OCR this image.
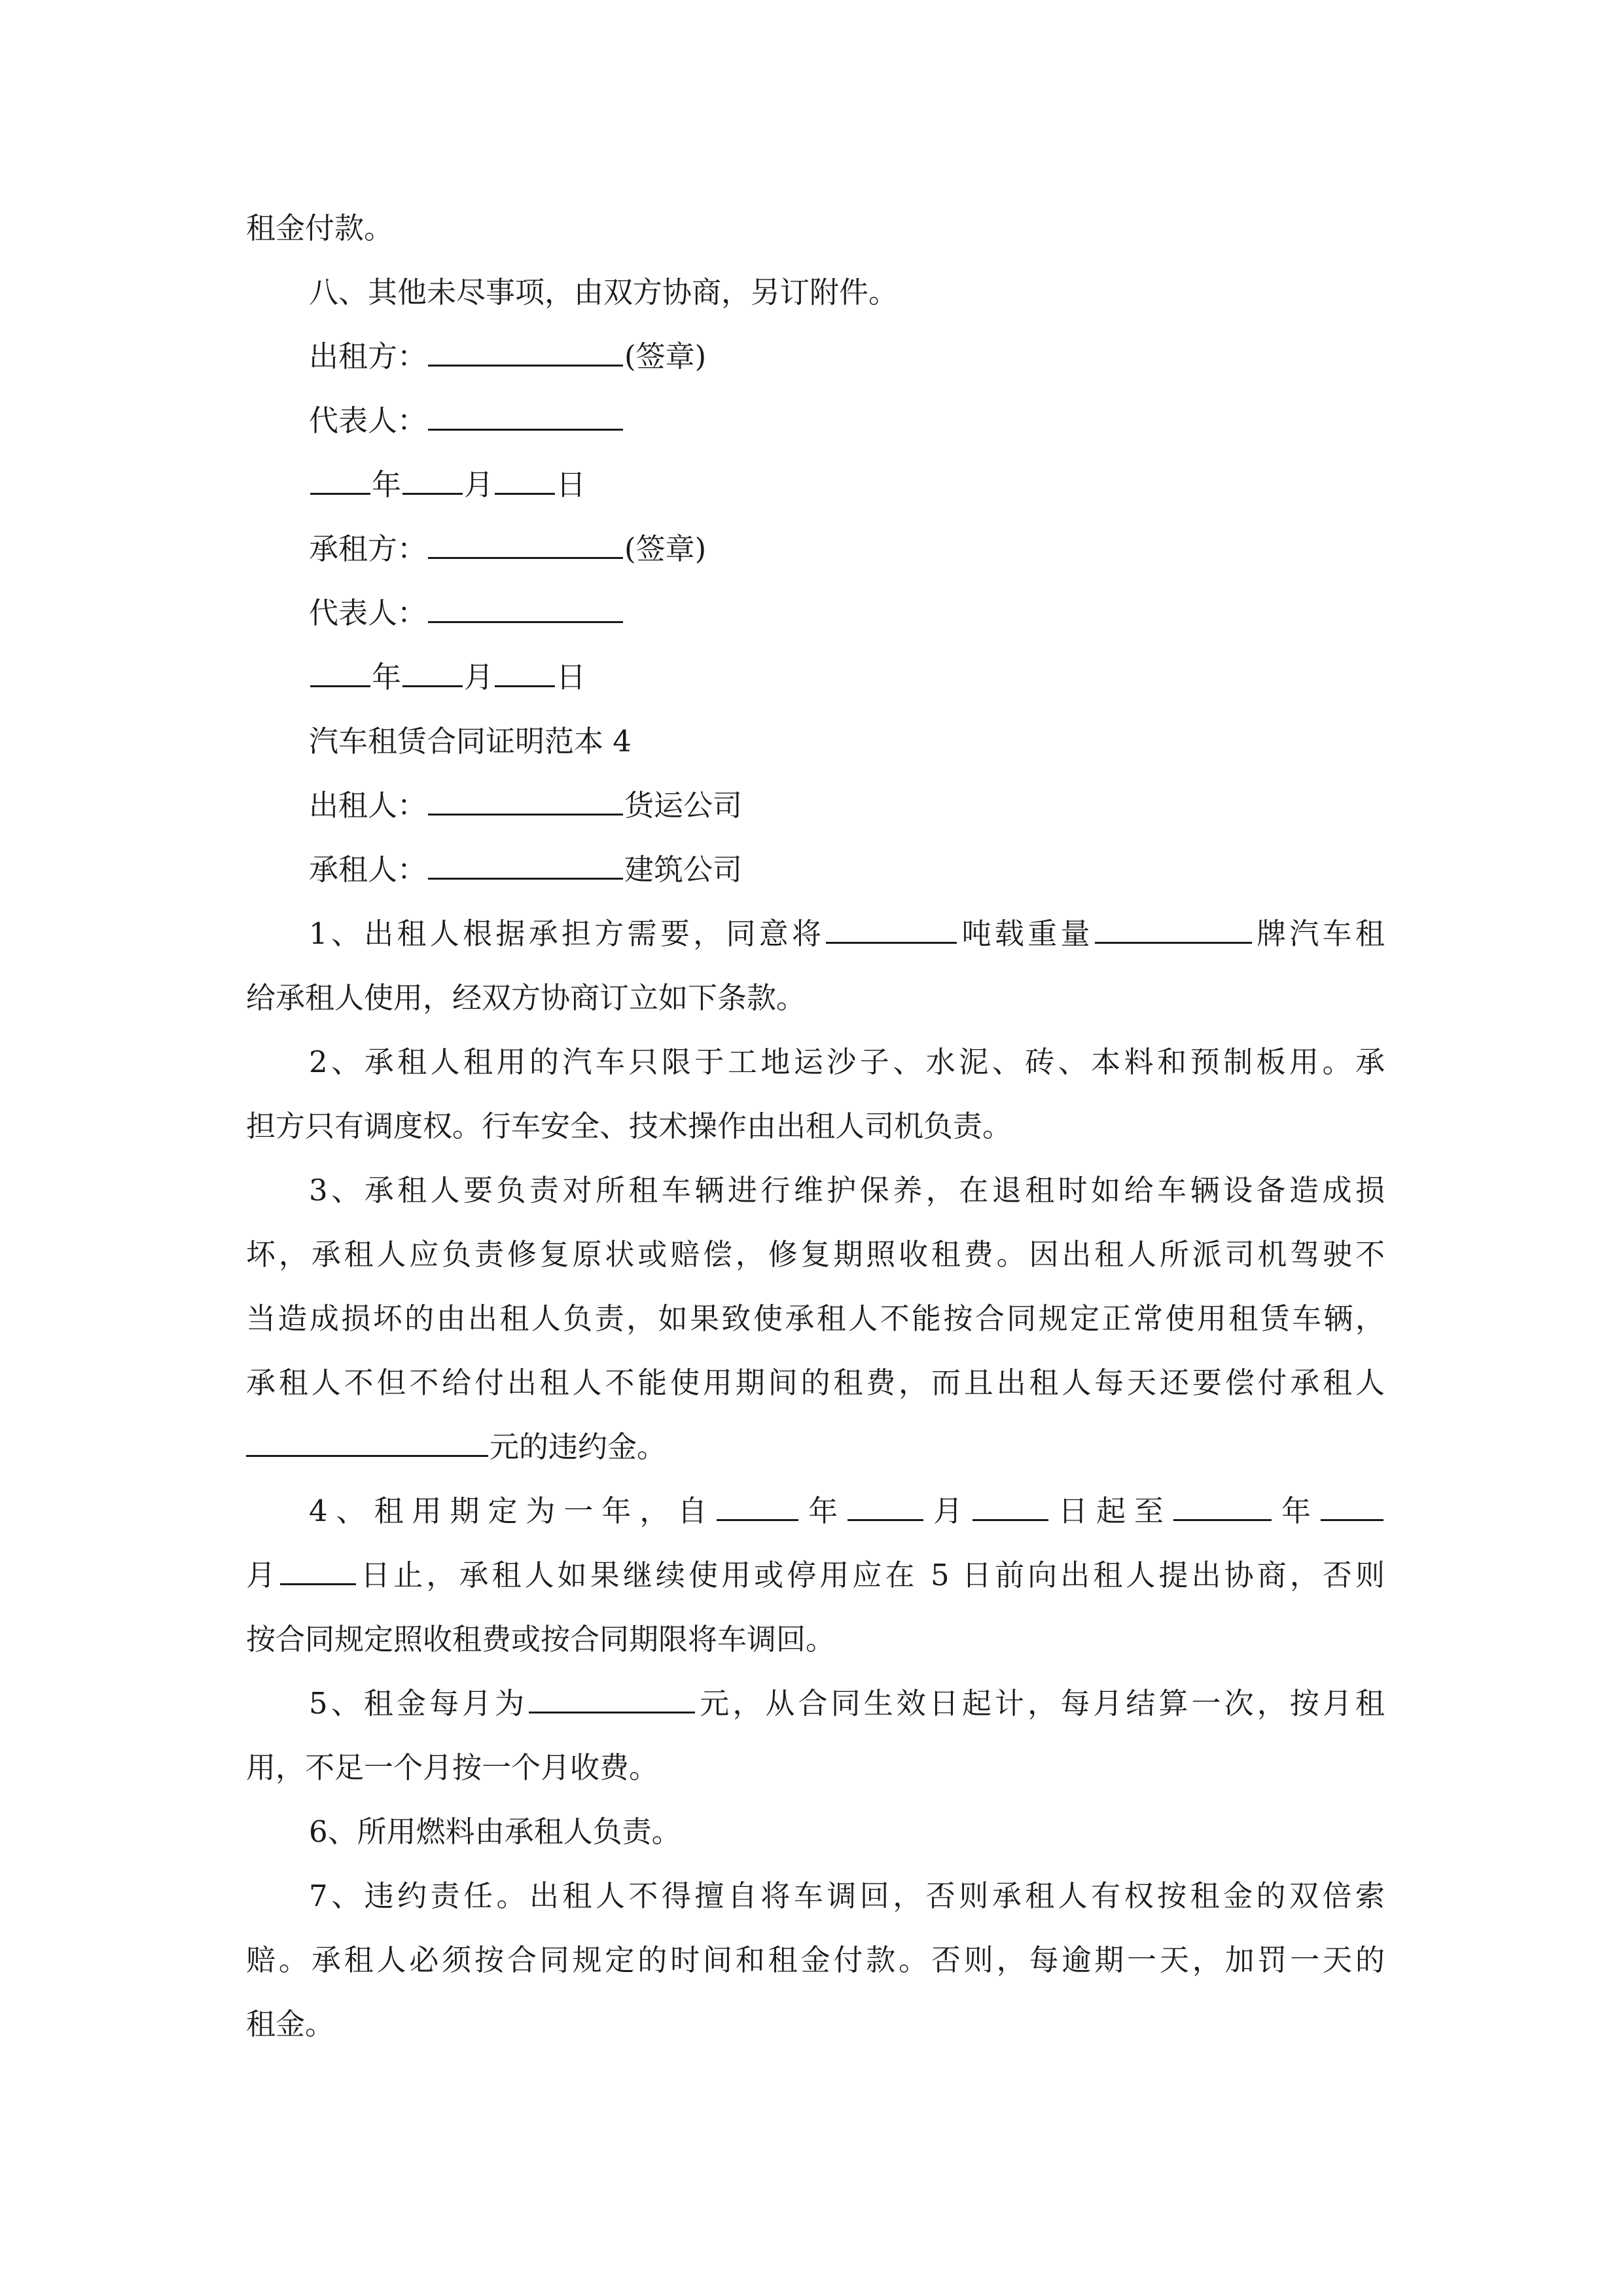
租金付款。
八、其他未尽事项，由双方协商，另订附件。
出租方：	(签章)
代表人：
年 月 日
承租方：	(签章)
代表人：
年 月 日
汽车租赁合同证明范本 4
出租人：	货运公司
承租人：	建筑公司
1、出租人根据承担方需要，同意将	吨载重量	牌汽车租
给承租人使用，经双方协商订立如下条款。
2、承租人租用的汽车只限于工地运沙子、水泥、砖、本料和预制板用。承
担方只有调度权。行车安全、技术操作由出租人司机负责。
3、承租人要负责对所租车辆进行维护保养，在退租时如给车辆设备造成损
坏，承租人应负责修复原状或赔偿，修复期照收租费。因出租人所派司机驾驶不
当造成损坏的由出租人负责，如果致使承租人不能按合同规定正常使用租赁车辆，
承租人不但不给付出租人不能使用期间的租费，而且出租人每天还要偿付承租人
元的违约金。
4、租用期定为一年，自	年	月	日起至	年
月	日止，承租人如果继续使用或停用应在 5 日前向出租人提出协商，否则
按合同规定照收租费或按合同期限将车调回。
5、租金每月为	元，从合同生效日起计，每月结算一次，按月租
用，不足一个月按一个月收费。
6、所用燃料由承租人负责。
7、违约责任。出租人不得擅自将车调回，否则承租人有权按租金的双倍索
赔。承租人必须按合同规定的时间和租金付款。否则，每逾期一天，加罚一天的
租金。
